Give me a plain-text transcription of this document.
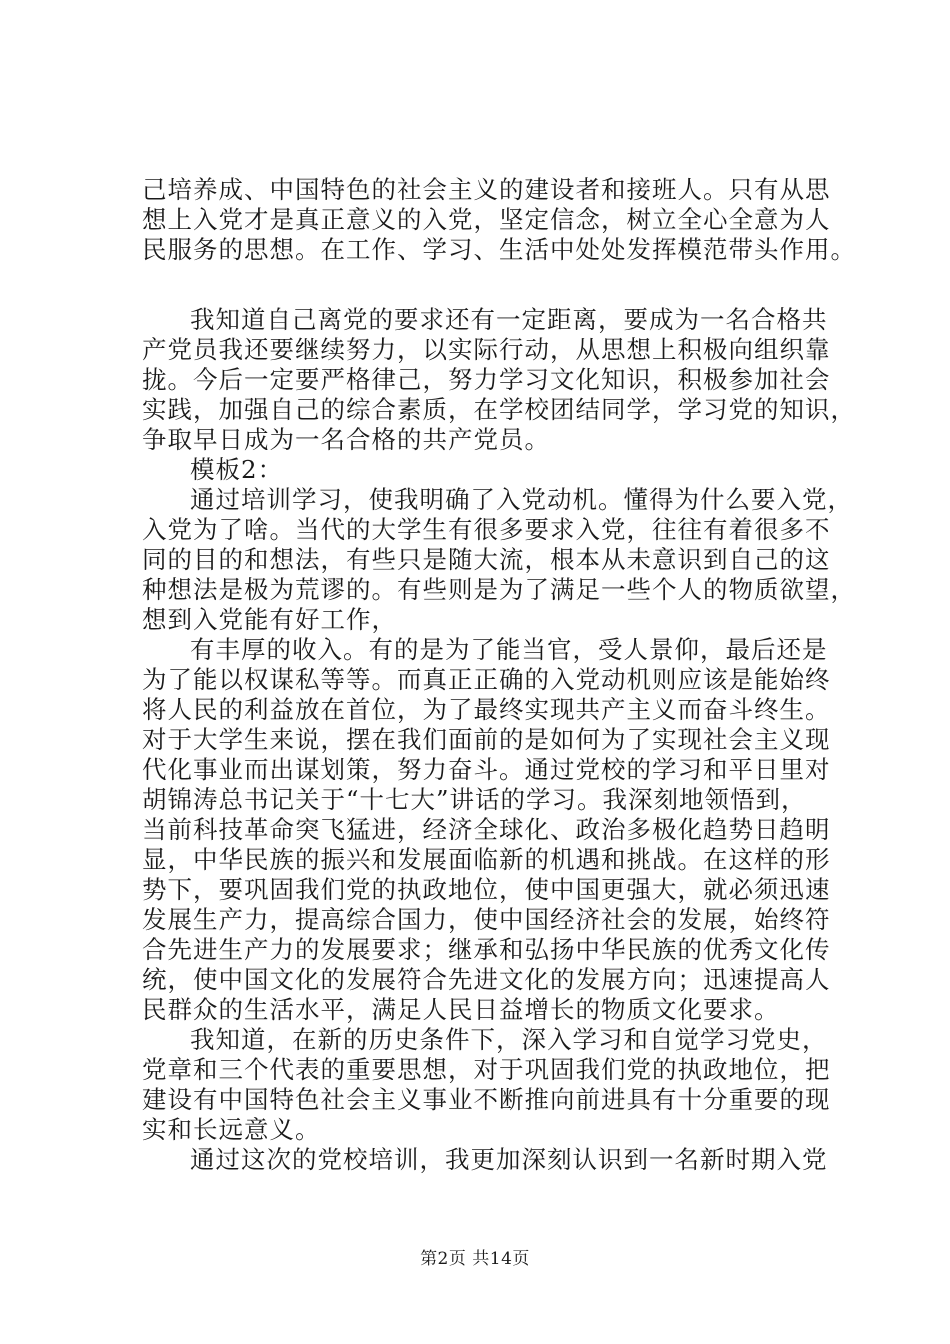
己培养成、中国特色的社会主义的建设者和接班人。只有从思
想上入党才是真正意义的入党，坚定信念，树立全心全意为人
民服务的思想。在工作、学习、生活中处处发挥模范带头作用。
我知道自己离党的要求还有一定距离，要成为一名合格共
产党员我还要继续努力，以实际行动，从思想上积极向组织靠
拢。今后一定要严格律己，努力学习文化知识，积极参加社会
实践，加强自己的综合素质，在学校团结同学，学习党的知识，
争取早日成为一名合格的共产党员。
模板2：
通过培训学习，使我明确了入党动机。懂得为什么要入党，
入党为了啥。当代的大学生有很多要求入党，往往有着很多不
同的目的和想法，有些只是随大流，根本从未意识到自己的这
种想法是极为荒谬的。有些则是为了满足一些个人的物质欲望，
想到入党能有好工作，
有丰厚的收入。有的是为了能当官，受人景仰，最后还是
为了能以权谋私等等。而真正正确的入党动机则应该是能始终
将人民的利益放在首位，为了最终实现共产主义而奋斗终生。
对于大学生来说，摆在我们面前的是如何为了实现社会主义现
代化事业而出谋划策，努力奋斗。通过党校的学习和平日里对
胡锦涛总书记关于“十七大”讲话的学习。我深刻地领悟到，
当前科技革命突飞猛进，经济全球化、政治多极化趋势日趋明
显，中华民族的振兴和发展面临新的机遇和挑战。在这样的形
势下，要巩固我们党的执政地位，使中国更强大，就必须迅速
发展生产力，提高综合国力，使中国经济社会的发展，始终符
合先进生产力的发展要求；继承和弘扬中华民族的优秀文化传
统，使中国文化的发展符合先进文化的发展方向；迅速提高人
民群众的生活水平，满足人民日益增长的物质文化要求。
我知道，在新的历史条件下，深入学习和自觉学习党史，
党章和三个代表的重要思想，对于巩固我们党的执政地位，把
建设有中国特色社会主义事业不断推向前进具有十分重要的现
实和长远意义。
通过这次的党校培训，我更加深刻认识到一名新时期入党
第2页 共14页
